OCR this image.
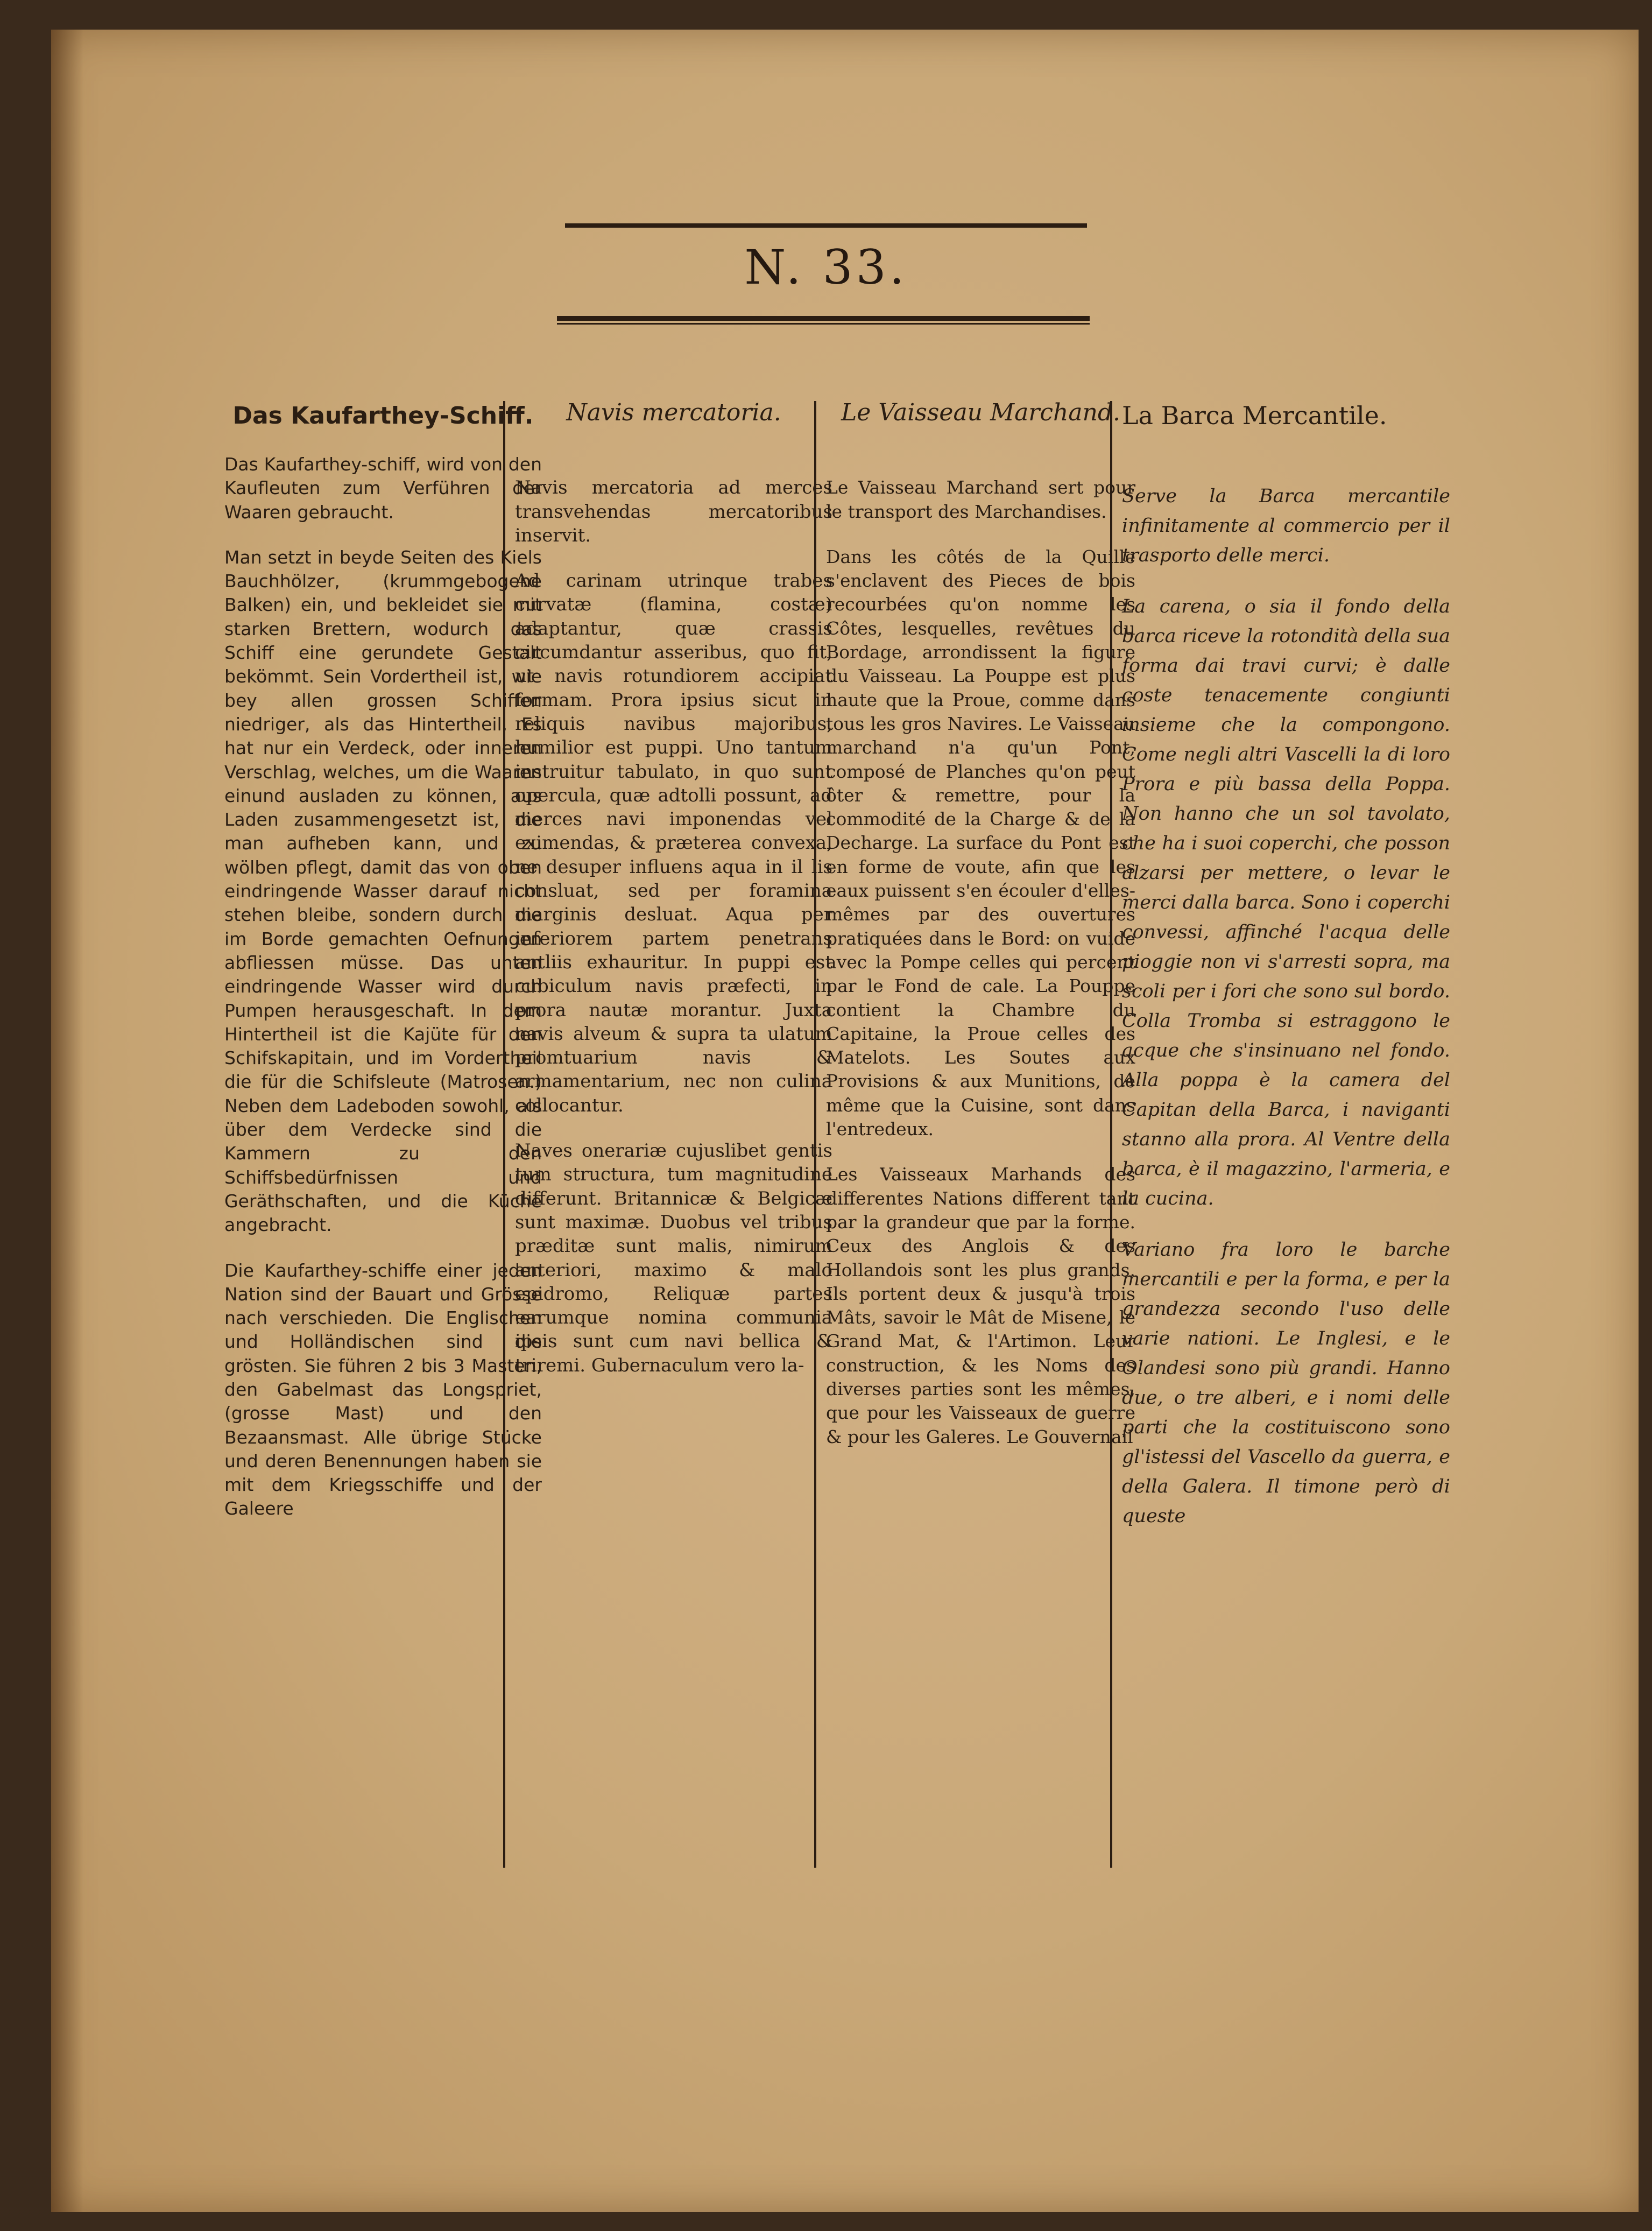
N. 33.
Das Kaufarthey-Schiff.

Das Kaufarthey-schiff, wird von den Kaufleuten zum Verführen der Waaren gebraucht.

Man setzt in beyde Seiten des Kiels Bauchhölzer, (krummgebogene Balken) ein, und bekleidet sie mit starken Brettern, wodurch das Schiff eine gerundete Gestalt bekömmt. Sein Vordertheil ist, wie bey allen grossen Schiffen niedriger, als das Hintertheil. Es hat nur ein Verdeck, oder inneren Verschlag, welches, um die Waaren einund ausladen zu können, aus Laden zusammengesetzt ist, die man aufheben kann, und zu wölben pflegt, damit das von oben eindringende Wasser darauf nicht stehen bleibe, sondern durch die im Borde gemachten Oefnungen abfliessen müsse. Das unten eindringende Wasser wird durch Pumpen herausgeschaft. In dem Hintertheil ist die Kajüte für den Schifskapitain, und im Vordertheil die für die Schifsleute (Matrosen.) Neben dem Ladeboden sowohl, als über dem Verdecke sind die Kammern zu den Schiffsbedürfnissen und Geräthschaften, und die Küche angebracht.

Die Kaufarthey-schiffe einer jeden Nation sind der Bauart und Grösse nach verschieden. Die Englischen und Holländischen sind die grösten. Sie führen 2 bis 3 Masten, den Gabelmast das Longspriet, (grosse Mast) und den Bezaansmast. Alle übrige Stücke und deren Benennungen haben sie mit dem Kriegsschiffe und der Galeere

Navis mercatoria.

Navis mercatoria ad merces transvehendas mercatoribus inservit.

Ad carinam utrinque trabes curvatæ (flamina, costæ) adaptantur, quæ crassis circumdantur asseribus, quo fit, ut navis rotundiorem accipiat formam. Prora ipsius sicut in reliquis navibus majoribus, humilior est puppi. Uno tantum instruitur tabulato, in quo sunt opercula, quæ adtolli possunt, ad merces navi imponendas vel eximendas, & præterea convexa, ne desuper influens aqua in il lis consluat, sed per foramina marginis desluat. Aqua per inferiorem partem penetrans antliis exhauritur. In puppi est cubiculum navis præfecti, in prora nautæ morantur. Juxta navis alveum & supra ta ulatum promtuarium navis & armamentarium, nec non culina collocantur.

Naves onerariæ cujuslibet gentis tum structura, tum magnitudine differunt. Britannicæ & Belgicæ sunt maximæ. Duobus vel tribus præditæ sunt malis, nimirum anteriori, maximo & malo epidromo, Reliquæ partes earumque nomina communia ipsis sunt cum navi bellica & triremi. Gubernaculum vero la-

Le Vaisseau Marchand.

Le Vaisseau Marchand sert pour le transport des Marchandises.

Dans les côtés de la Quille s'enclavent des Pieces de bois recourbées qu'on nomme les Côtes, lesquelles, revêtues du Bordage, arrondissent la figure du Vaisseau. La Pouppe est plus haute que la Proue, comme dans tous les gros Navires. Le Vaisseau marchand n'a qu'un Pont, composé de Planches qu'on peut ôter & remettre, pour la commodité de la Charge & de la Decharge. La surface du Pont est en forme de voute, afin que les eaux puissent s'en écouler d'elles-mêmes par des ouvertures pratiquées dans le Bord: on vuide avec la Pompe celles qui percent par le Fond de cale. La Pouppe contient la Chambre du Capitaine, la Proue celles des Matelots. Les Soutes aux Provisions & aux Munitions, de même que la Cuisine, sont dans l'entredeux.

Les Vaisseaux Marhands des differentes Nations different tant par la grandeur que par la forme. Ceux des Anglois & des Hollandois sont les plus grands. Ils portent deux & jusqu'à trois Mâts, savoir le Mât de Misene, le Grand Mat, & l'Artimon. Leur construction, & les Noms des diverses parties sont les mêmes, que pour les Vaisseaux de guerre & pour les Galeres. Le Gouvernail

La Barca Mercantile.

Serve la Barca mercantile infinitamente al commercio per il trasporto delle merci.

La carena, o sia il fondo della barca riceve la rotondità della sua forma dai travi curvi; è dalle coste tenacemente congiunti insieme che la compongono. Come negli altri Vascelli la di loro Prora e più bassa della Poppa. Non hanno che un sol tavolato, che ha i suoi coperchi, che posson alzarsi per mettere, o levar le merci dalla barca. Sono i coperchi convessi, affinché l'acqua delle pioggie non vi s'arresti sopra, ma scoli per i fori che sono sul bordo. Colla Tromba si estraggono le acque che s'insinuano nel fondo. Alla poppa è la camera del Capitan della Barca, i naviganti stanno alla prora. Al Ventre della barca, è il magazzino, l'armeria, e la cucina.

Variano fra loro le barche mercantili e per la forma, e per la grandezza secondo l'uso delle varie nationi. Le Inglesi, e le Olandesi sono più grandi. Hanno due, o tre alberi, e i nomi delle parti che la costituiscono sono gl'istessi del Vascello da guerra, e della Galera. Il timone però di queste
